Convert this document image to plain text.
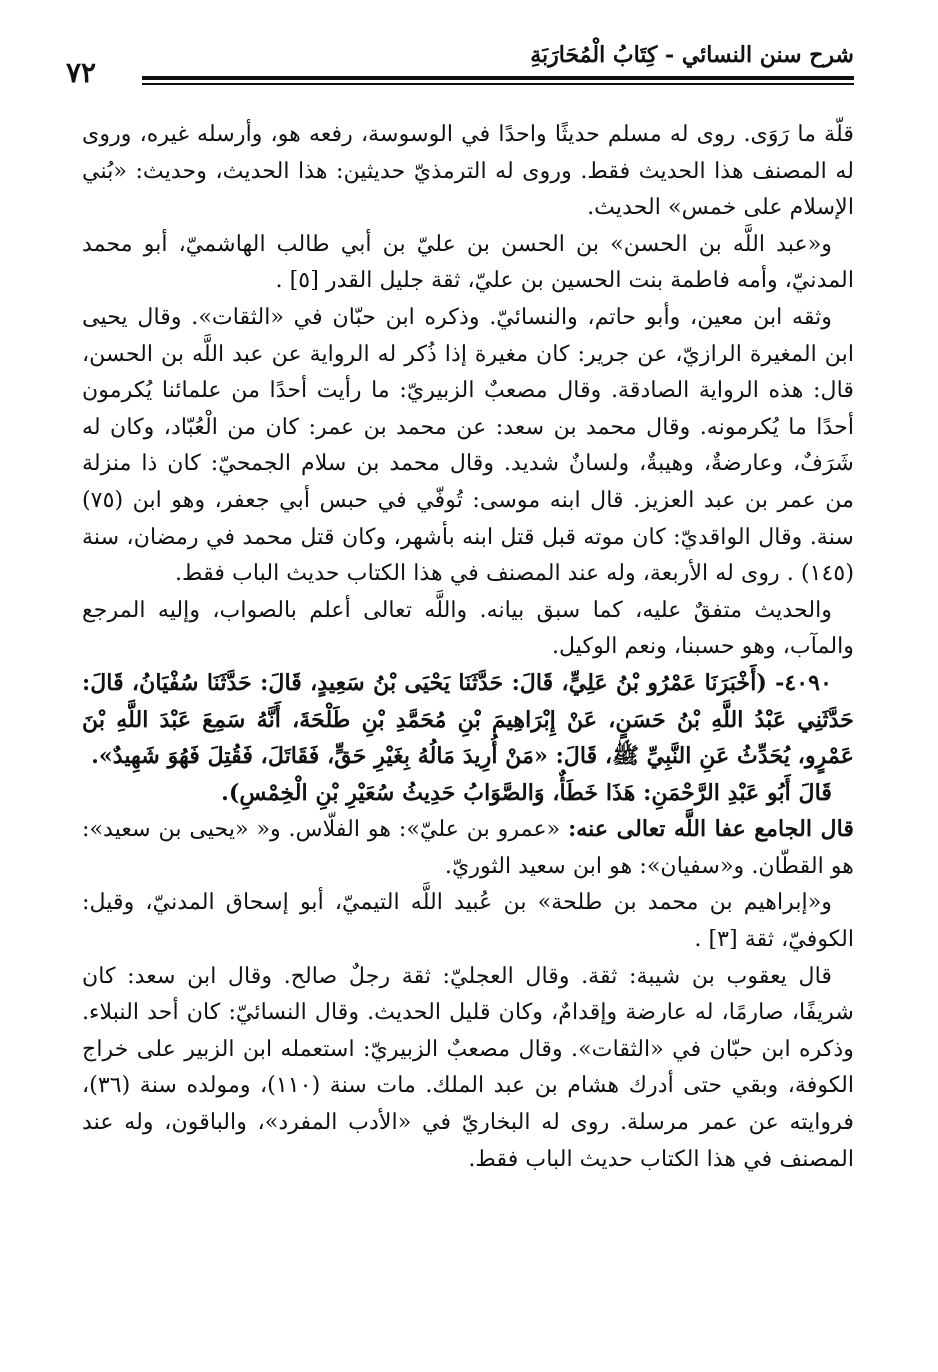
شرح سنن النسائي - كِتَابُ الْمُحَارَبَةِ
٧٢

قلّة ما رَوَى. روى له مسلم حديثًا واحدًا في الوسوسة، رفعه هو، وأرسله غيره، وروى له المصنف هذا الحديث فقط. وروى له الترمذيّ حديثين: هذا الحديث، وحديث: «بُني الإسلام على خمس» الحديث.

و«عبد اللَّه بن الحسن» بن الحسن بن عليّ بن أبي طالب الهاشميّ، أبو محمد المدنيّ، وأمه فاطمة بنت الحسين بن عليّ، ثقة جليل القدر [٥] .

وثقه ابن معين، وأبو حاتم، والنسائيّ. وذكره ابن حبّان في «الثقات». وقال يحيى ابن المغيرة الرازيّ، عن جرير: كان مغيرة إذا ذُكر له الرواية عن عبد اللَّه بن الحسن، قال: هذه الرواية الصادقة. وقال مصعبٌ الزبيريّ: ما رأيت أحدًا من علمائنا يُكرمون أحدًا ما يُكرمونه. وقال محمد بن سعد: عن محمد بن عمر: كان من الْعُبّاد، وكان له شَرَفٌ، وعارضةٌ، وهيبةٌ، ولسانٌ شديد. وقال محمد بن سلام الجمحيّ: كان ذا منزلة من عمر بن عبد العزيز. قال ابنه موسى: تُوفّي في حبس أبي جعفر، وهو ابن (٧٥) سنة. وقال الواقديّ: كان موته قبل قتل ابنه بأشهر، وكان قتل محمد في رمضان، سنة (١٤٥) . روى له الأربعة، وله عند المصنف في هذا الكتاب حديث الباب فقط.

والحديث متفقٌ عليه، كما سبق بيانه. واللَّه تعالى أعلم بالصواب، وإليه المرجع والمآب، وهو حسبنا، ونعم الوكيل.

٤٠٩٠- (أَخْبَرَنَا عَمْرُو بْنُ عَلِيٍّ، قَالَ: حَدَّثَنَا يَحْيَى بْنُ سَعِيدٍ، قَالَ: حَدَّثَنَا سُفْيَانُ، قَالَ: حَدَّثَنِي عَبْدُ اللَّهِ بْنُ حَسَنٍ، عَنْ إِبْرَاهِيمَ بْنِ مُحَمَّدِ بْنِ طَلْحَةَ، أَنَّهُ سَمِعَ عَبْدَ اللَّهِ بْنَ عَمْرٍو، يُحَدِّثُ عَنِ النَّبِيِّ ﷺ، قَالَ: «مَنْ أُرِيدَ مَالُهُ بِغَيْرِ حَقٍّ، فَقَاتَلَ، فَقُتِلَ فَهُوَ شَهِيدٌ».

قَالَ أَبُو عَبْدِ الرَّحْمَنِ: هَذَا خَطَأٌ، وَالصَّوَابُ حَدِيثُ سُعَيْرِ بْنِ الْخِمْسِ).

قال الجامع عفا اللَّه تعالى عنه: «عمرو بن عليّ»: هو الفلّاس. و« «يحيى بن سعيد»: هو القطّان. و«سفيان»: هو ابن سعيد الثوريّ.

و«إبراهيم بن محمد بن طلحة» بن عُبيد اللَّه التيميّ، أبو إسحاق المدنيّ، وقيل: الكوفيّ، ثقة [٣] .

قال يعقوب بن شيبة: ثقة. وقال العجليّ: ثقة رجلٌ صالح. وقال ابن سعد: كان شريفًا، صارمًا، له عارضة وإقدامٌ، وكان قليل الحديث. وقال النسائيّ: كان أحد النبلاء. وذكره ابن حبّان في «الثقات». وقال مصعبٌ الزبيريّ: استعمله ابن الزبير على خراج الكوفة، وبقي حتى أدرك هشام بن عبد الملك. مات سنة (١١٠)، ومولده سنة (٣٦)، فروايته عن عمر مرسلة. روى له البخاريّ في «الأدب المفرد»، والباقون، وله عند المصنف في هذا الكتاب حديث الباب فقط.
